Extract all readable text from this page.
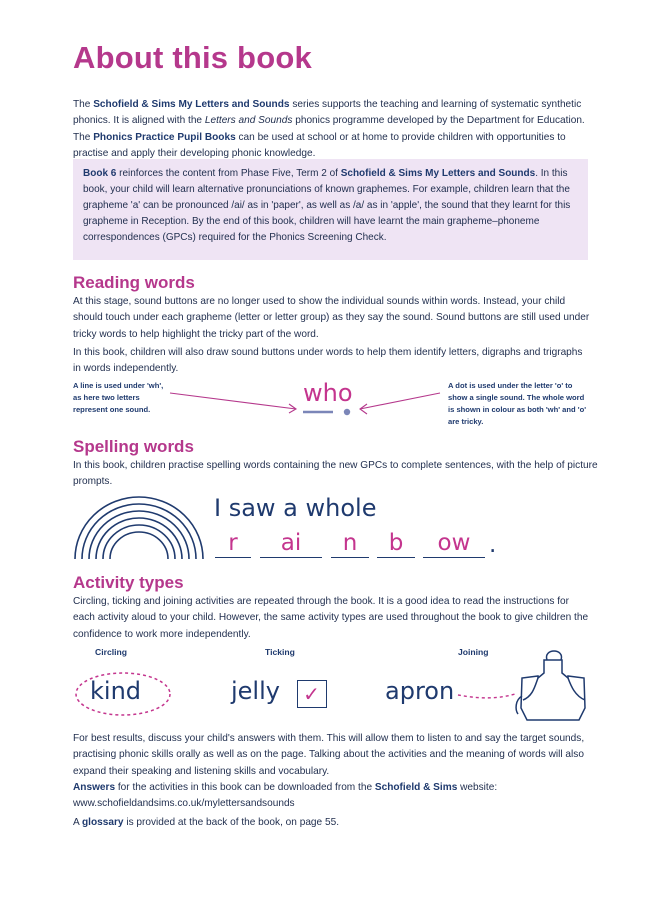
About this book

The Schofield & Sims My Letters and Sounds series supports the teaching and learning of systematic synthetic phonics. It is aligned with the Letters and Sounds phonics programme developed by the Department for Education. The Phonics Practice Pupil Books can be used at school or at home to provide children with opportunities to practise and apply their developing phonic knowledge.

Book 6 reinforces the content from Phase Five, Term 2 of Schofield & Sims My Letters and Sounds. In this book, your child will learn alternative pronunciations of known graphemes. For example, children learn that the grapheme 'a' can be pronounced /ai/ as in 'paper', as well as /a/ as in 'apple', the sound that they learnt for this grapheme in Reception. By the end of this book, children will have learnt the main grapheme–phoneme correspondences (GPCs) required for the Phonics Screening Check.

Reading words

At this stage, sound buttons are no longer used to show the individual sounds within words. Instead, your child should touch under each grapheme (letter or letter group) as they say the sound. Sound buttons are still used under tricky words to help highlight the tricky part of the word.

In this book, children will also draw sound buttons under words to help them identify letters, digraphs and trigraphs in words independently.

A line is used under 'wh', as here two letters represent one sound.

A dot is used under the letter 'o' to show a single sound. The whole word is shown in colour as both 'wh' and 'o' are tricky.

who
Spelling words

In this book, children practise spelling words containing the new GPCs to complete sentences, with the help of picture prompts.

I saw a whole
r	ai	n	b	ow .
Activity types

Circling, ticking and joining activities are repeated through the book. It is a good idea to read the instructions for each activity aloud to your child. However, the same activity types are used throughout the book to give children the confidence to work more independently.

Circling	Ticking	Joining
kind	jelly ✓	apron

For best results, discuss your child's answers with them. This will allow them to listen to and say the target sounds, practising phonic skills orally as well as on the page. Talking about the activities and the meaning of words will also expand their speaking and listening skills and vocabulary.

Answers for the activities in this book can be downloaded from the Schofield & Sims website:
www.schofieldandsims.co.uk/mylettersandsounds

A glossary is provided at the back of the book, on page 55.
